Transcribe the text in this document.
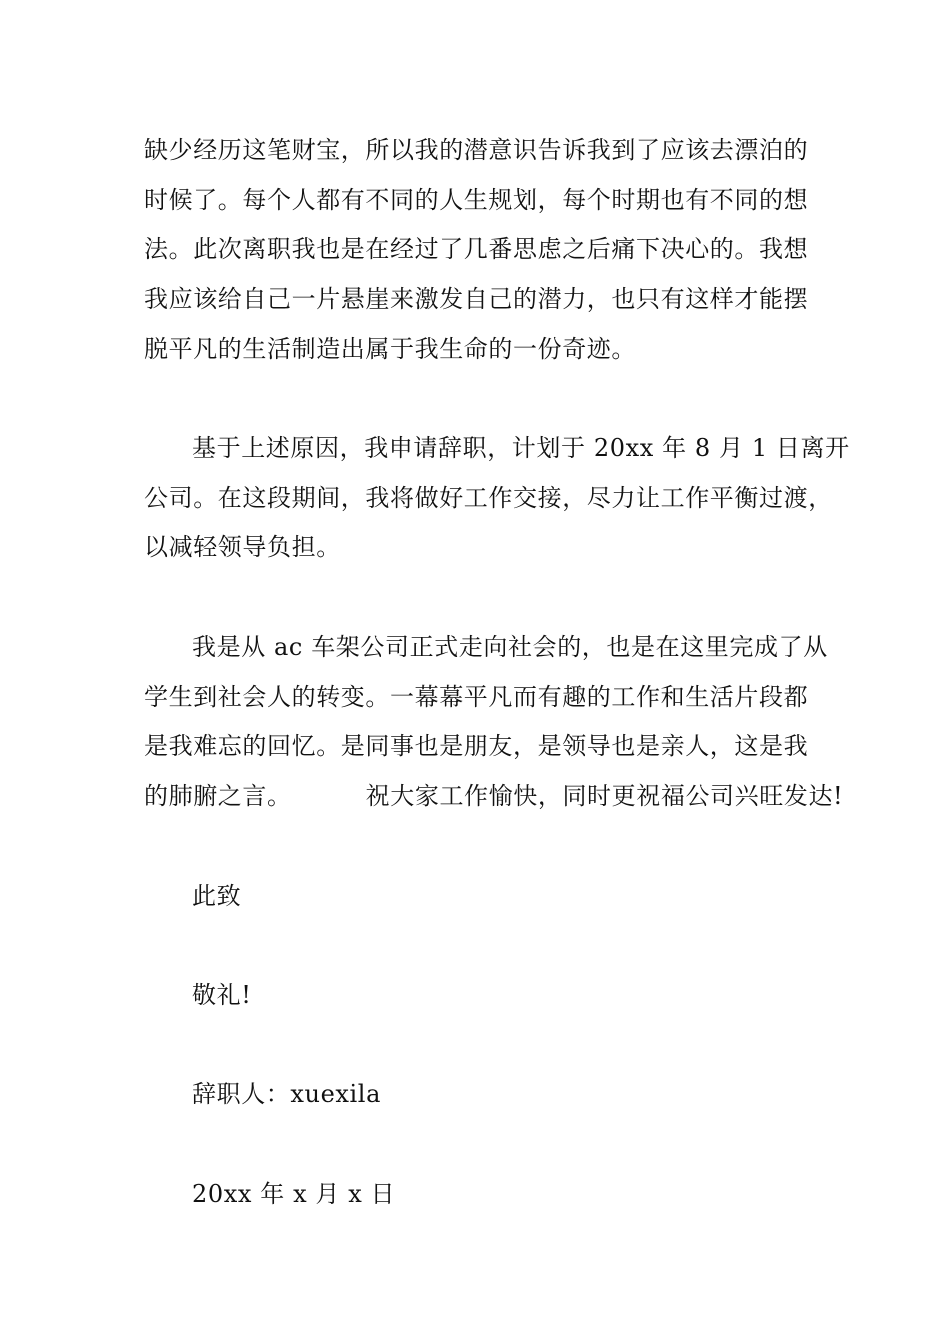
缺少经历这笔财宝，所以我的潜意识告诉我到了应该去漂泊的
时候了。每个人都有不同的人生规划，每个时期也有不同的想
法。此次离职我也是在经过了几番思虑之后痛下决心的。我想
我应该给自己一片悬崖来激发自己的潜力，也只有这样才能摆
脱平凡的生活制造出属于我生命的一份奇迹。
基于上述原因，我申请辞职，计划于 20xx 年 8 月 1 日离开
公司。在这段期间，我将做好工作交接，尽力让工作平衡过渡，
以减轻领导负担。
我是从 ac 车架公司正式走向社会的，也是在这里完成了从
学生到社会人的转变。一幕幕平凡而有趣的工作和生活片段都
是我难忘的回忆。是同事也是朋友，是领导也是亲人，这是我
的肺腑之言。         祝大家工作愉快，同时更祝福公司兴旺发达!
此致
敬礼!
辞职人：xuexila
20xx 年 x 月 x 日
